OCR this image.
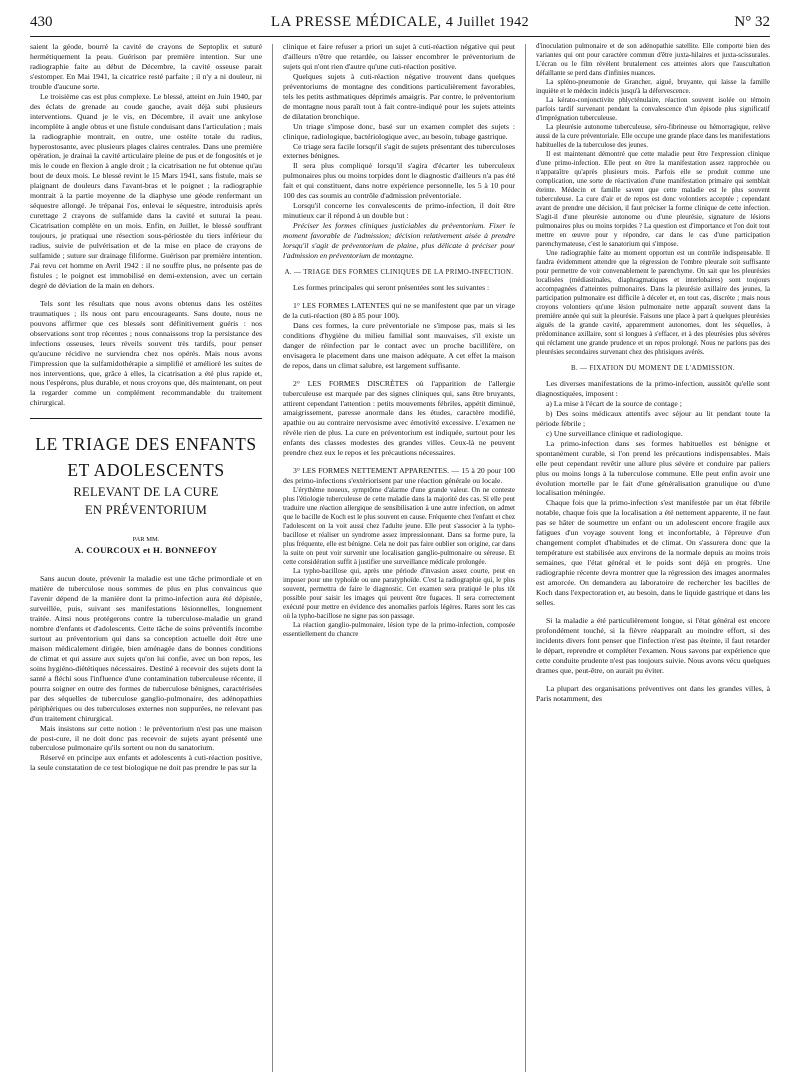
430	LA PRESSE MÉDICALE, 4 Juillet 1942	N° 32

saient la géode, bourré la cavité de crayons de Septoplix et suturé hermétiquement la peau. Guérison par première intention. Sur une radiographie faite au début de Décembre, la cavité osseuse parait s'estomper. En Mai 1941, la cicatrice resté parfaite ; il n'y a ni douleur, ni trouble d'aucune sorte.

Le troisième cas est plus complexe. Le blessé, atteint en Juin 1940, par des éclats de grenade au coude gauche, avait déjà subi plusieurs interventions. Quand je le vis, en Décembre, il avait une ankylose incomplète à angle obtus et une fistule conduisant dans l'articulation ; mais la radiographie montrait, en outre, une ostéite totale du radius, hyperostosante, avec plusieurs plages claires centrales. Dans une première opération, je drainai la cavité articulaire pleine de pus et de fongosités et je mis le coude en flexion à angle droit ; la cicatrisation ne fut obtenue qu'au bout de deux mois. Le blessé revint le 15 Mars 1941, sans fistule, mais se plaignant de douleurs dans l'avant-bras et le poignet ; la radiographie montrait à la partie moyenne de la diaphyse une géode renfermant un séquestre allongé. Je trépanai l'os, enlevai le séquestre, introduisis après curettage 2 crayons de sulfamide dans la cavité et suturai la peau. Cicatrisation complète en un mois. Enfin, en Juillet, le blessé souffrant toujours, je pratiquai une résection sous-périostée du tiers inférieur du radius, suivie de pulvérisation et de la mise en place de crayons de sulfamide ; suture sur drainage filiforme. Guérison par première intention. J'ai revu cet homme en Avril 1942 : il ne souffre plus, ne présente pas de fistules ; le poignet est immobilisé en demi-extension, avec un certain degré de déviation de la main en dehors.

Tels sont les résultats que nous avons obtenus dans les ostéites traumatiques ; ils nous ont paru encourageants. Sans doute, nous ne pouvons affirmer que ces blessés sont définitivement guéris : nos observations sont trop récentes ; nous connaissons trop la persistance des infections osseuses, leurs réveils souvent très tardifs, pour penser qu'aucune récidive ne surviendra chez nos opérés. Mais nous avons l'impression que la sulfamidothérapie a simplifié et amélioré les suites de nos interventions, que, grâce à elles, la cicatrisation a été plus rapide et, nous l'espérons, plus durable, et nous croyons que, dès maintenant, on peut la regarder comme un complément recommandable du traitement chirurgical.

LE TRIAGE DES ENFANTS
ET ADOLESCENTS
RELEVANT DE LA CURE
EN PRÉVENTORIUM
PAR MM.
A. COURCOUX et H. BONNEFOY

Sans aucun doute, prévenir la maladie est une tâche primordiale et en matière de tuberculose nous sommes de plus en plus convaincus que l'avenir dépend de la manière dont la primo-infection aura été dépistée, surveillée, puis, suivant ses manifestations lésionnelles, longuement traitée. Ainsi nous protégerons contre la tuberculose-maladie un grand nombre d'enfants et d'adolescents. Cette tâche de soins préventifs incombe surtout au préventorium qui dans sa conception actuelle doit être une maison médicalement dirigée, bien aménagée dans de bonnes conditions de climat et qui assure aux sujets qu'on lui confie, avec un bon repos, les soins hygiéno-diététiques nécessaires. Destiné à recevoir des sujets dont la santé a fléchi sous l'influence d'une contamination tuberculeuse récente, il pourra soigner en outre des formes de tuberculose bénignes, caractérisées par des séquelles de tuberculose ganglio-pulmonaire, des adénopathies périphériques ou des tuberculoses externes non suppurées, ne relevant pas d'un traitement chirurgical.

Mais insistons sur cette notion : le préventorium n'est pas une maison de post-cure, il ne doit donc pas recevoir de sujets ayant présenté une tuberculose pulmonaire qu'ils sortent ou non du sanatorium.

Réservé en principe aux enfants et adolescents à cuti-réaction positive, la seule constatation de ce test biologique ne doit pas prendre le pas sur la

clinique et faire refuser a priori un sujet à cuti-réaction négative qui peut d'ailleurs n'être que retardée, ou laisser encombrer le préventorium de sujets qui n'ont rien d'autre qu'une cuti-réaction positive.

Quelques sujets à cuti-réaction négative trouvent dans quelques préventoriums de montagne des conditions particulièrement favorables, tels les petits asthmatiques déprimés amaigris. Par contre, le préventorium de montagne nous paraît tout à fait contre-indiqué pour les sujets atteints de dilatation bronchique.

Un triage s'impose donc, basé sur un examen complet des sujets : clinique, radiologique, bactériologique avec, au besoin, tubage gastrique.

Ce triage sera facile lorsqu'il s'agit de sujets présentant des tuberculoses externes bénignes.

Il sera plus compliqué lorsqu'il s'agira d'écarter les tuberculeux pulmonaires plus ou moins torpides dont le diagnostic d'ailleurs n'a pas été fait et qui constituent, dans notre expérience personnelle, les 5 à 10 pour 100 des cas soumis au contrôle d'admission préventoriale.

Lorsqu'il concerne les convalescents de primo-infection, il doit être minutieux car il répond à un double but :

Préciser les formes cliniques justiciables du préventorium. Fixer le moment favorable de l'admission; décision relativement aisée à prendre lorsqu'il s'agit de préventorium de plaine, plus délicate à préciser pour l'admission en préventorium de montagne.

A. — TRIAGE DES FORMES CLINIQUES DE LA PRIMO-INFECTION.

Les formes principales qui seront présentées sont les suivantes :

1° LES FORMES LATENTES qui ne se manifestent que par un virage de la cuti-réaction (80 à 85 pour 100).

Dans ces formes, la cure préventoriale ne s'impose pas, mais si les conditions d'hygiène du milieu familial sont mauvaises, s'il existe un danger de réinfection par le contact avec un proche bacillifère, on envisagera le placement dans une maison adéquate. A cet effet la maison de repos, dans un climat salubre, est largement suffisante.

2° LES FORMES DISCRÈTES où l'apparition de l'allergie tuberculeuse est marquée par des signes cliniques qui, sans être bruyants, attirent cependant l'attention : petits mouvements fébriles, appétit diminué, amaigrissement, paresse anormale dans les études, caractère modifié, apathie ou au contraire nervosisme avec émotivité excessive. L'examen ne révèle rien de plus. La cure en préventorium est indiquée, surtout pour les enfants des classes modestes des grandes villes. Ceux-là ne peuvent prendre chez eux le repos et les précautions nécessaires.

3° LES FORMES NETTEMENT APPARENTES. — 15 à 20 pour 100 des primo-infections s'extériorisent par une réaction générale ou locale.

L'érythème noueux, symptôme d'alarme d'une grande valeur. On ne conteste plus l'étiologie tuberculeuse de cette maladie dans la majorité des cas. Si elle peut traduire une réaction allergique de sensibilisation à une autre infection, on admet que le bacille de Koch est le plus souvent en cause. Fréquente chez l'enfant et chez l'adolescent on la voit aussi chez l'adulte jeune. Elle peut s'associer à la typho-bacillose et réaliser un syndrome assez impressionnant. Dans sa forme pure, la plus fréquente, elle est bénigne. Cela ne doit pas faire oublier son origine, car dans la suite on peut voir survenir une localisation ganglio-pulmonaire ou séreuse. Et cette considération suffit à justifier une surveillance médicale prolongée.

La typho-bacillose qui, après une période d'invasion assez courte, peut en imposer pour une typhoïde ou une paratyphoïde. C'est la radiographie qui, le plus souvent, permettra de faire le diagnostic. Cet examen sera pratiqué le plus tôt possible pour saisir les images qui peuvent être fugaces. Il sera correctement exécuté pour mettre en évidence des anomalies parfois légères. Rares sont les cas où la typho-bacillose ne signe pas son passage.

La réaction ganglio-pulmonaire, lésion type de la primo-infection, composée essentiellement du chancre

d'inoculation pulmonaire et de son adénopathie satellite. Elle comporte bien des variantes qui ont pour caractère commun d'être juxta-hilaires et juxta-scissurales. L'écran ou le film révèlent brutalement ces atteintes alors que l'auscultation défaillante se perd dans d'infinies nuances.

La spléno-pneumonie de Grancher, aiguë, bruyante, qui laisse la famille inquiète et le médecin indécis jusqu'à la défervescence.

La kérato-conjonctivite phlycténulaire, réaction souvent isolée ou témoin parfois tardif survenant pendant la convalescence d'un épisode plus significatif d'imprégnation tuberculeuse.

La pleurésie autonome tuberculeuse, séro-fibrineuse ou hémorragique, relève aussi de la cure préventoriale. Elle occupe une grande place dans les manifestations habituelles de la tuberculose des jeunes.

Il est maintenant démontré que cette maladie peut être l'expression clinique d'une primo-infection. Elle peut en être la manifestation assez rapprochée ou n'apparaître qu'après plusieurs mois. Parfois elle se produit comme une complication, une sorte de réactivation d'une manifestation primaire qui semblait éteinte. Médecin et famille savent que cette maladie est le plus souvent tuberculeuse. La cure d'air et de repos est donc volontiers acceptée ; cependant avant de prendre une décision, il faut préciser la forme clinique de cette infection. S'agit-il d'une pleurésie autonome ou d'une pleurésie, signature de lésions pulmonaires plus ou moins torpides ? La question est d'importance et l'on doit tout mettre en œuvre pour y répondre, car dans le cas d'une participation parenchymateuse, c'est le sanatorium qui s'impose.

Une radiographie faite au moment opportun est un contrôle indispensable. Il faudra évidemment attendre que la régression de l'ombre pleurale soit suffisante pour permettre de voir convenablement le parenchyme. On sait que les pleurésies localisées (médiastinales, diaphragmatiques et interlobaires) sont toujours accompagnées d'atteintes pulmonaires. Dans la pleurésie axillaire des jeunes, la participation pulmonaire est difficile à déceler et, en tout cas, discrète ; mais nous croyons volontiers qu'une lésion pulmonaire nette apparaît souvent dans la première année qui suit la pleurésie. Faisons une place à part à quelques pleurésies aiguës de la grande cavité, apparemment autonomes, dont les séquelles, à prédominance axillaire, sont si longues à s'effacer, et à des pleurésies plus sévères qui réclament une grande prudence et un repos prolongé. Nous ne parlons pas des pleurésies secondaires survenant chez des phtisiques avérés.

B. — FIXATION DU MOMENT DE L'ADMISSION.

Les diverses manifestations de la primo-infection, aussitôt qu'elle sont diagnostiquées, imposent :

a) La mise à l'écart de la source de contage ;

b) Des soins médicaux attentifs avec séjour au lit pendant toute la période fébrile ;

c) Une surveillance clinique et radiologique.

La primo-infection dans ses formes habituelles est bénigne et spontanément curable, si l'on prend les précautions indispensables. Mais elle peut cependant revêtir une allure plus sévère et conduire par paliers plus ou moins longs à la tuberculose commune. Elle peut enfin avoir une évolution mortelle par le fait d'une généralisation granulique ou d'une localisation méningée.

Chaque fois que la primo-infection s'est manifestée par un état fébrile notable, chaque fois que la localisation a été nettement apparente, il ne faut pas se hâter de soumettre un enfant ou un adolescent encore fragile aux fatigues d'un voyage souvent long et inconfortable, à l'épreuve d'un changement complet d'habitudes et de climat. On s'assurera donc que la température est stabilisée aux environs de la normale depuis au moins trois semaines, que l'état général et le poids sont déjà en progrès. Une radiographie récente devra montrer que la régression des images anormales est amorcée. On demandera au laboratoire de rechercher les bacilles de Koch dans l'expectoration et, au besoin, dans le liquide gastrique et dans les selles.

Si la maladie a été particulièrement longue, si l'état général est encore profondément touché, si la fièvre réapparaît au moindre effort, si des incidents divers font penser que l'infection n'est pas éteinte, il faut retarder le départ, reprendre et compléter l'examen. Nous savons par expérience que cette conduite prudente n'est pas toujours suivie. Nous avons vécu quelques drames que, peut-être, on aurait pu éviter.

La plupart des organisations préventives ont dans les grandes villes, à Paris notamment, des
